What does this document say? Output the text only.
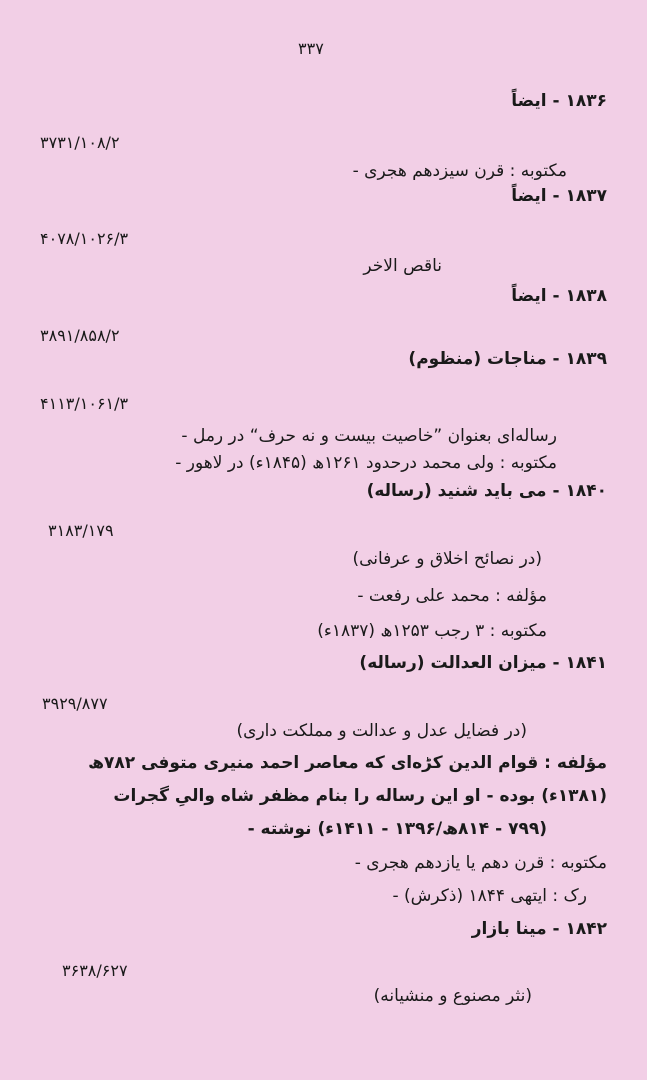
۳۳۷
۱۸۳۶ - ایضاً
۳۷۳۱/۱۰۸/۲
مکتوبه : قرن سیزدهم هجری -
۱۸۳۷ - ایضاً
۴۰۷۸/۱۰۲۶/۳
ناقص الاخر
۱۸۳۸ - ایضاً
۳۸۹۱/۸۵۸/۲
۱۸۳۹ - مناجات (منظوم)
۴۱۱۳/۱۰۶۱/۳
رساله‌ای بعنوان ”خاصیت بیست و نه حرف“ در رمل -
مکتوبه : ولی محمد درحدود ۱۲۶۱ھ (۱۸۴۵ء) در لاهور -
۱۸۴۰ - می باید شنید (رساله)
۳۱۸۳/۱۷۹
(در نصائح اخلاق و عرفانی)
مؤلفه : محمد علی رفعت -
مکتوبه : ۳ رجب ۱۲۵۳ھ (۱۸۳۷ء)
۱۸۴۱ - میزان العدالت (رساله)
۳۹۲۹/۸۷۷
(در فضایل عدل و عدالت و مملکت داری)
مؤلفه : قوام الدین کڑه‌ای که معاصر احمد منیری متوفی ۷۸۲ھ
(۱۳۸۱ء) بوده - او این رساله را بنام مظفر شاه والیِ گجرات
(۷۹۹ - ۸۱۴ھ/۱۳۹۶ - ۱۴۱۱ء) نوشته -
مکتوبه : قرن دهم یا یازدهم هجری -
رک : ایتهی ۱۸۴۴ (ذکرش) -
۱۸۴۲ - مینا بازار
۳۶۳۸/۶۲۷
(نثر مصنوع و منشیانه)
